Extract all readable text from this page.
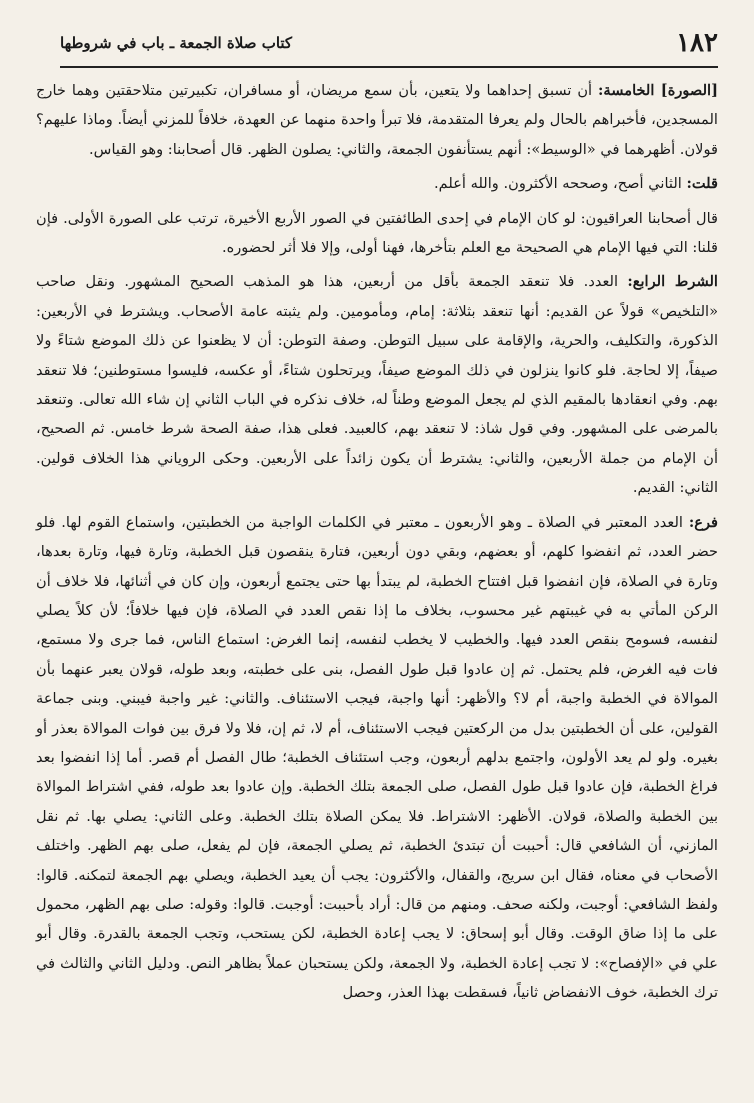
١٨٢
كتاب صلاة الجمعة ـ باب في شروطها

[الصورة] الخامسة: أن تسبق إحداهما ولا يتعين، بأن سمع مريضان، أو مسافران، تكبيرتين متلاحقتين وهما خارج المسجدين، فأخبراهم بالحال ولم يعرفا المتقدمة، فلا تبرأ واحدة منهما عن العهدة، خلافاً للمزني أيضاً. وماذا عليهم؟ قولان. أظهرهما في «الوسيط»: أنهم يستأنفون الجمعة، والثاني: يصلون الظهر. قال أصحابنا: وهو القياس.

قلت: الثاني أصح، وصححه الأكثرون. والله أعلم.

قال أصحابنا العراقيون: لو كان الإمام في إحدى الطائفتين في الصور الأربع الأخيرة، ترتب على الصورة الأولى. فإن قلنا: التي فيها الإمام هي الصحيحة مع العلم بتأخرها، فهنا أولى، وإلا فلا أثر لحضوره.

الشرط الرابع: العدد. فلا تنعقد الجمعة بأقل من أربعين، هذا هو المذهب الصحيح المشهور. ونقل صاحب «التلخيص» قولاً عن القديم: أنها تنعقد بثلاثة: إمام، ومأمومين. ولم يثبته عامة الأصحاب. ويشترط في الأربعين: الذكورة، والتكليف، والحرية، والإقامة على سبيل التوطن. وصفة التوطن: أن لا يظعنوا عن ذلك الموضع شتاءً ولا صيفاً، إلا لحاجة. فلو كانوا ينزلون في ذلك الموضع صيفاً، ويرتحلون شتاءً، أو عكسه، فليسوا مستوطنين؛ فلا تنعقد بهم. وفي انعقادها بالمقيم الذي لم يجعل الموضع وطناً له، خلاف نذكره في الباب الثاني إن شاء الله تعالى. وتنعقد بالمرضى على المشهور. وفي قول شاذ: لا تنعقد بهم، كالعبيد. فعلى هذا، صفة الصحة شرط خامس. ثم الصحيح، أن الإمام من جملة الأربعين، والثاني: يشترط أن يكون زائداً على الأربعين. وحكى الروياني هذا الخلاف قولين. الثاني: القديم.

فرع: العدد المعتبر في الصلاة ـ وهو الأربعون ـ معتبر في الكلمات الواجبة من الخطبتين، واستماع القوم لها. فلو حضر العدد، ثم انفضوا كلهم، أو بعضهم، وبقي دون أربعين، فتارة ينقصون قبل الخطبة، وتارة فيها، وتارة بعدها، وتارة في الصلاة، فإن انفضوا قبل افتتاح الخطبة، لم يبتدأ بها حتى يجتمع أربعون، وإن كان في أثنائها، فلا خلاف أن الركن المأتي به في غيبتهم غير محسوب، بخلاف ما إذا نقص العدد في الصلاة، فإن فيها خلافاً؛ لأن كلاً يصلي لنفسه، فسومح بنقص العدد فيها. والخطيب لا يخطب لنفسه، إنما الغرض: استماع الناس، فما جرى ولا مستمع، فات فيه الغرض، فلم يحتمل. ثم إن عادوا قبل طول الفصل، بنى على خطبته، وبعد طوله، قولان يعبر عنهما بأن الموالاة في الخطبة واجبة، أم لا؟ والأظهر: أنها واجبة، فيجب الاستئناف. والثاني: غير واجبة فيبني. وبنى جماعة القولين، على أن الخطبتين بدل من الركعتين فيجب الاستئناف، أم لا، ثم إن، فلا ولا فرق بين فوات الموالاة بعذر أو بغيره. ولو لم يعد الأولون، واجتمع بدلهم أربعون، وجب استئناف الخطبة؛ طال الفصل أم قصر. أما إذا انفضوا بعد فراغ الخطبة، فإن عادوا قبل طول الفصل، صلى الجمعة بتلك الخطبة. وإن عادوا بعد طوله، ففي اشتراط الموالاة بين الخطبة والصلاة، قولان. الأظهر: الاشتراط. فلا يمكن الصلاة بتلك الخطبة. وعلى الثاني: يصلي بها. ثم نقل المازني، أن الشافعي قال: أحببت أن تبتدئ الخطبة، ثم يصلي الجمعة، فإن لم يفعل، صلى بهم الظهر. واختلف الأصحاب في معناه، فقال ابن سريج، والقفال، والأكثرون: يجب أن يعيد الخطبة، ويصلي بهم الجمعة لتمكنه. قالوا: ولفظ الشافعي: أوجبت، ولكنه صحف. ومنهم من قال: أراد بأحببت: أوجبت. قالوا: وقوله: صلى بهم الظهر، محمول على ما إذا ضاق الوقت. وقال أبو إسحاق: لا يجب إعادة الخطبة، لكن يستحب، وتجب الجمعة بالقدرة. وقال أبو علي في «الإفصاح»: لا تجب إعادة الخطبة، ولا الجمعة، ولكن يستحبان عملاً بظاهر النص. ودليل الثاني والثالث في ترك الخطبة، خوف الانفضاض ثانياً، فسقطت بهذا العذر، وحصل
